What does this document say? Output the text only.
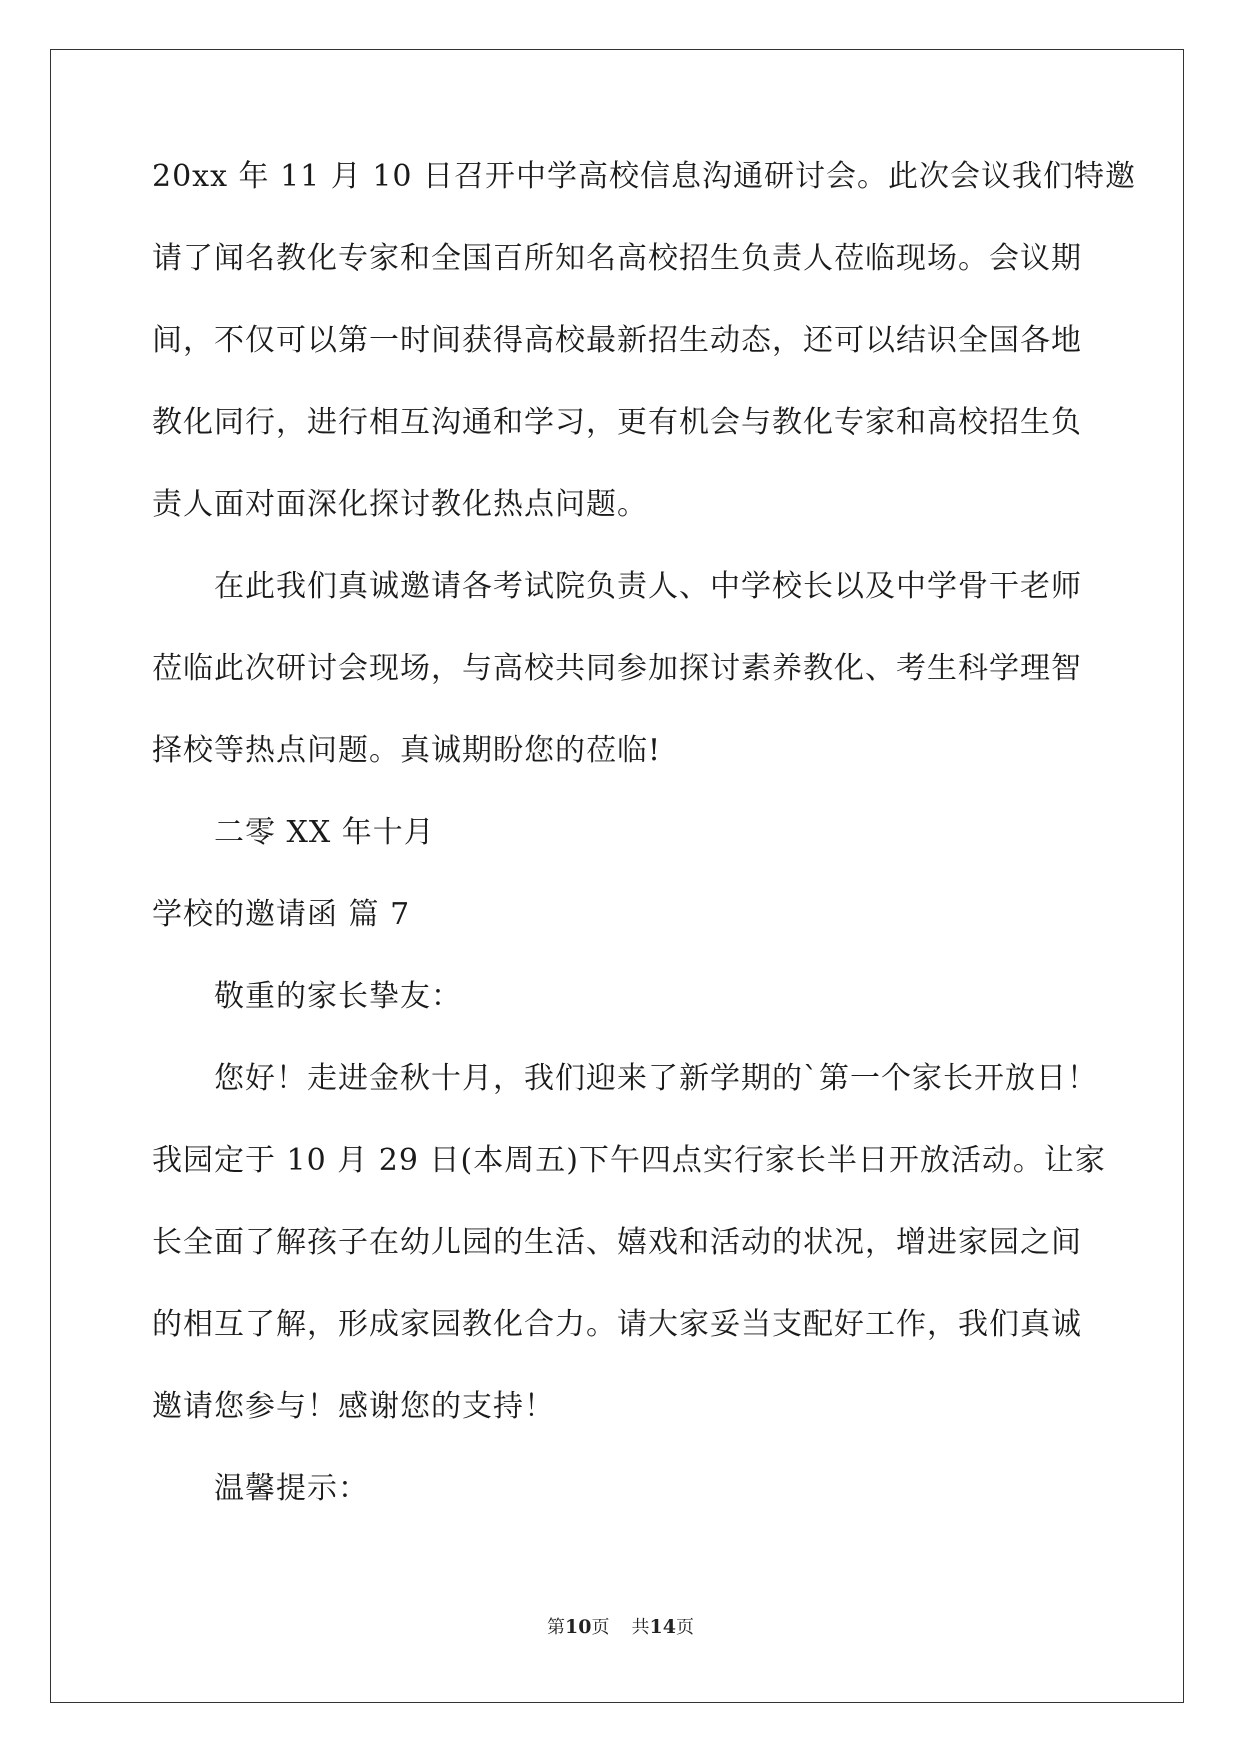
20xx 年 11 月 10 日召开中学高校信息沟通研讨会。此次会议我们特邀
请了闻名教化专家和全国百所知名高校招生负责人莅临现场。会议期
间，不仅可以第一时间获得高校最新招生动态，还可以结识全国各地
教化同行，进行相互沟通和学习，更有机会与教化专家和高校招生负
责人面对面深化探讨教化热点问题。
在此我们真诚邀请各考试院负责人、中学校长以及中学骨干老师
莅临此次研讨会现场，与高校共同参加探讨素养教化、考生科学理智
择校等热点问题。真诚期盼您的莅临!
二零 XX 年十月
学校的邀请函 篇 7
敬重的家长挚友：
您好！走进金秋十月，我们迎来了新学期的`第一个家长开放日！
我园定于 10 月 29 日(本周五)下午四点实行家长半日开放活动。让家
长全面了解孩子在幼儿园的生活、嬉戏和活动的状况，增进家园之间
的相互了解，形成家园教化合力。请大家妥当支配好工作，我们真诚
邀请您参与！感谢您的支持！
温馨提示：
第10页 共14页
